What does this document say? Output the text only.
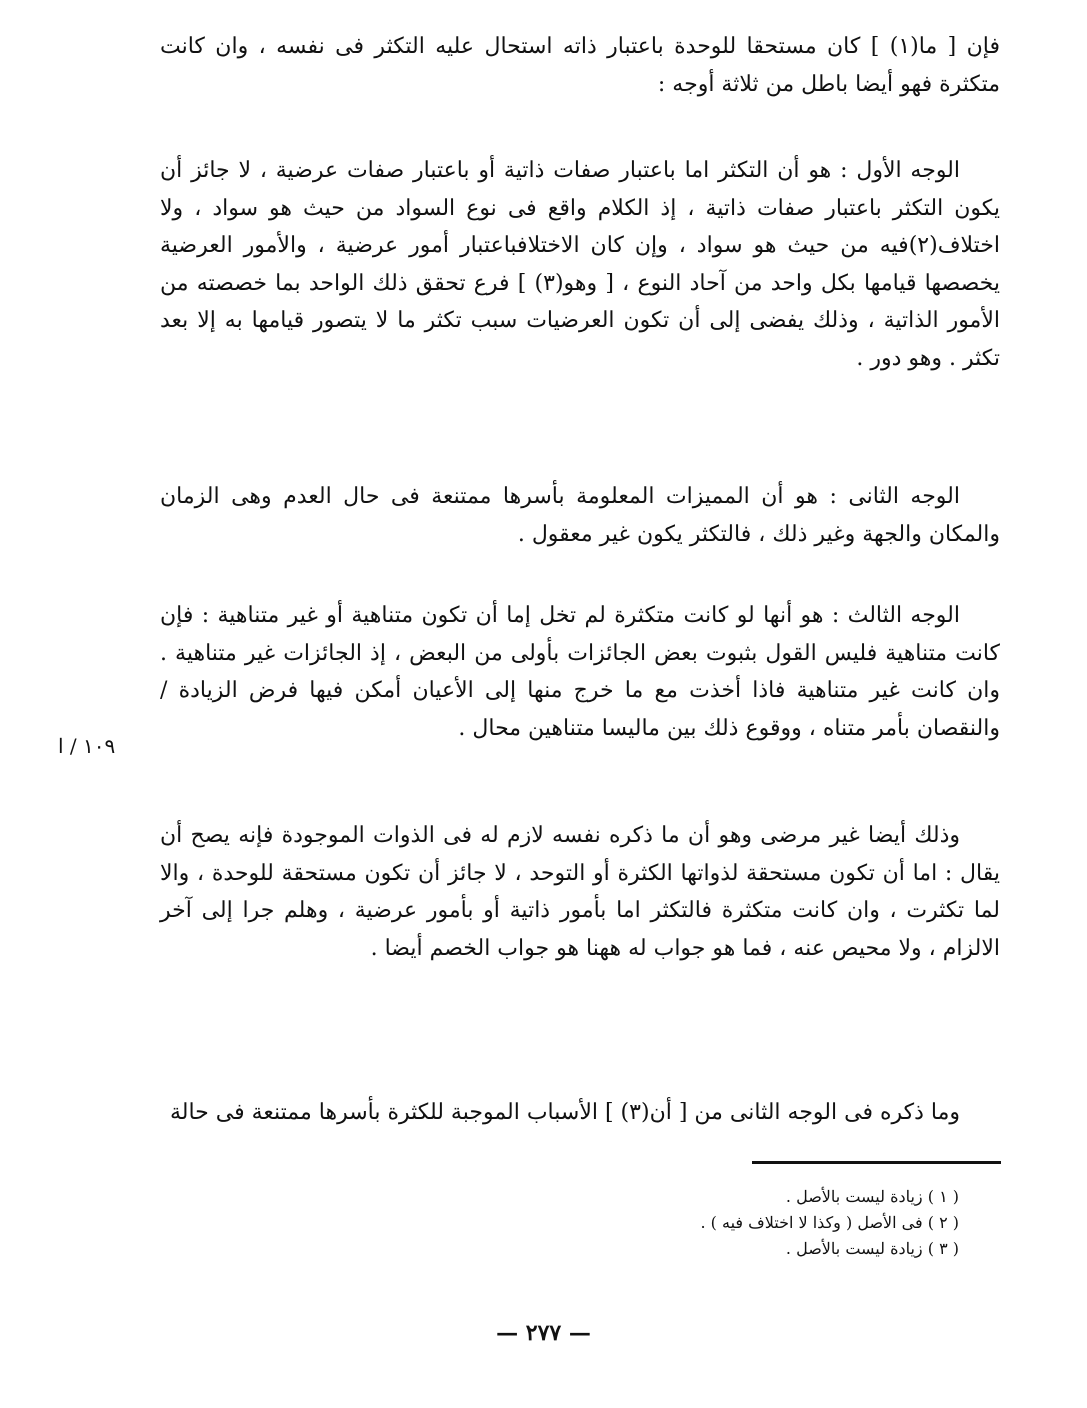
فإن [ ما(١) ] كان مستحقا للوحدة باعتبار ذاته استحال عليه التكثر فى نفسه ، وان كانت متكثرة فهو أيضا باطل من ثلاثة أوجه :

الوجه الأول : هو أن التكثر اما باعتبار صفات ذاتية أو باعتبار صفات عرضية ، لا جائز أن يكون التكثر باعتبار صفات ذاتية ، إذ الكلام واقع فى نوع السواد من حيث هو سواد ، ولا اختلاف(٢)فيه من حيث هو سواد ، وإن كان الاختلافباعتبار أمور عرضية ، والأمور العرضية يخصصها قيامها بكل واحد من آحاد النوع ، [ وهو(٣) ] فرع تحقق ذلك الواحد بما خصصته من الأمور الذاتية ، وذلك يفضى إلى أن تكون العرضيات سبب تكثر ما لا يتصور قيامها به إلا بعد تكثر . وهو دور .

الوجه الثانى : هو أن المميزات المعلومة بأسرها ممتنعة فى حال العدم وهى الزمان والمكان والجهة وغير ذلك ، فالتكثر يكون غير معقول .

الوجه الثالث : هو أنها لو كانت متكثرة لم تخل إما أن تكون متناهية أو غير متناهية : فإن كانت متناهية فليس القول بثبوت بعض الجائزات بأولى من البعض ، إذ الجائزات غير متناهية . وان كانت غير متناهية فاذا أخذت مع ما خرج منها إلى الأعيان أمكن فيها فرض الزيادة / والنقصان بأمر متناه ، ووقوع ذلك بين ماليسا متناهين محال .

وذلك أيضا غير مرضى وهو أن ما ذكره نفسه لازم له فى الذوات الموجودة فإنه يصح أن يقال : اما أن تكون مستحقة لذواتها الكثرة أو التوحد ، لا جائز أن تكون مستحقة للوحدة ، والا لما تكثرت ، وان كانت متكثرة فالتكثر اما بأمور ذاتية أو بأمور عرضية ، وهلم جرا إلى آخر الالزام ، ولا محيص عنه ، فما هو جواب له ههنا هو جواب الخصم أيضا .

وما ذكره فى الوجه الثانى من [ أن(٣) ] الأسباب الموجبة للكثرة بأسرها ممتنعة فى حالة

١٠٩ / ا

( ١ ) زيادة ليست بالأصل .

( ٢ ) فى الأصل ( وكذا لا اختلاف فيه ) .

( ٣ ) زيادة ليست بالأصل .

— ٢٧٧ —
